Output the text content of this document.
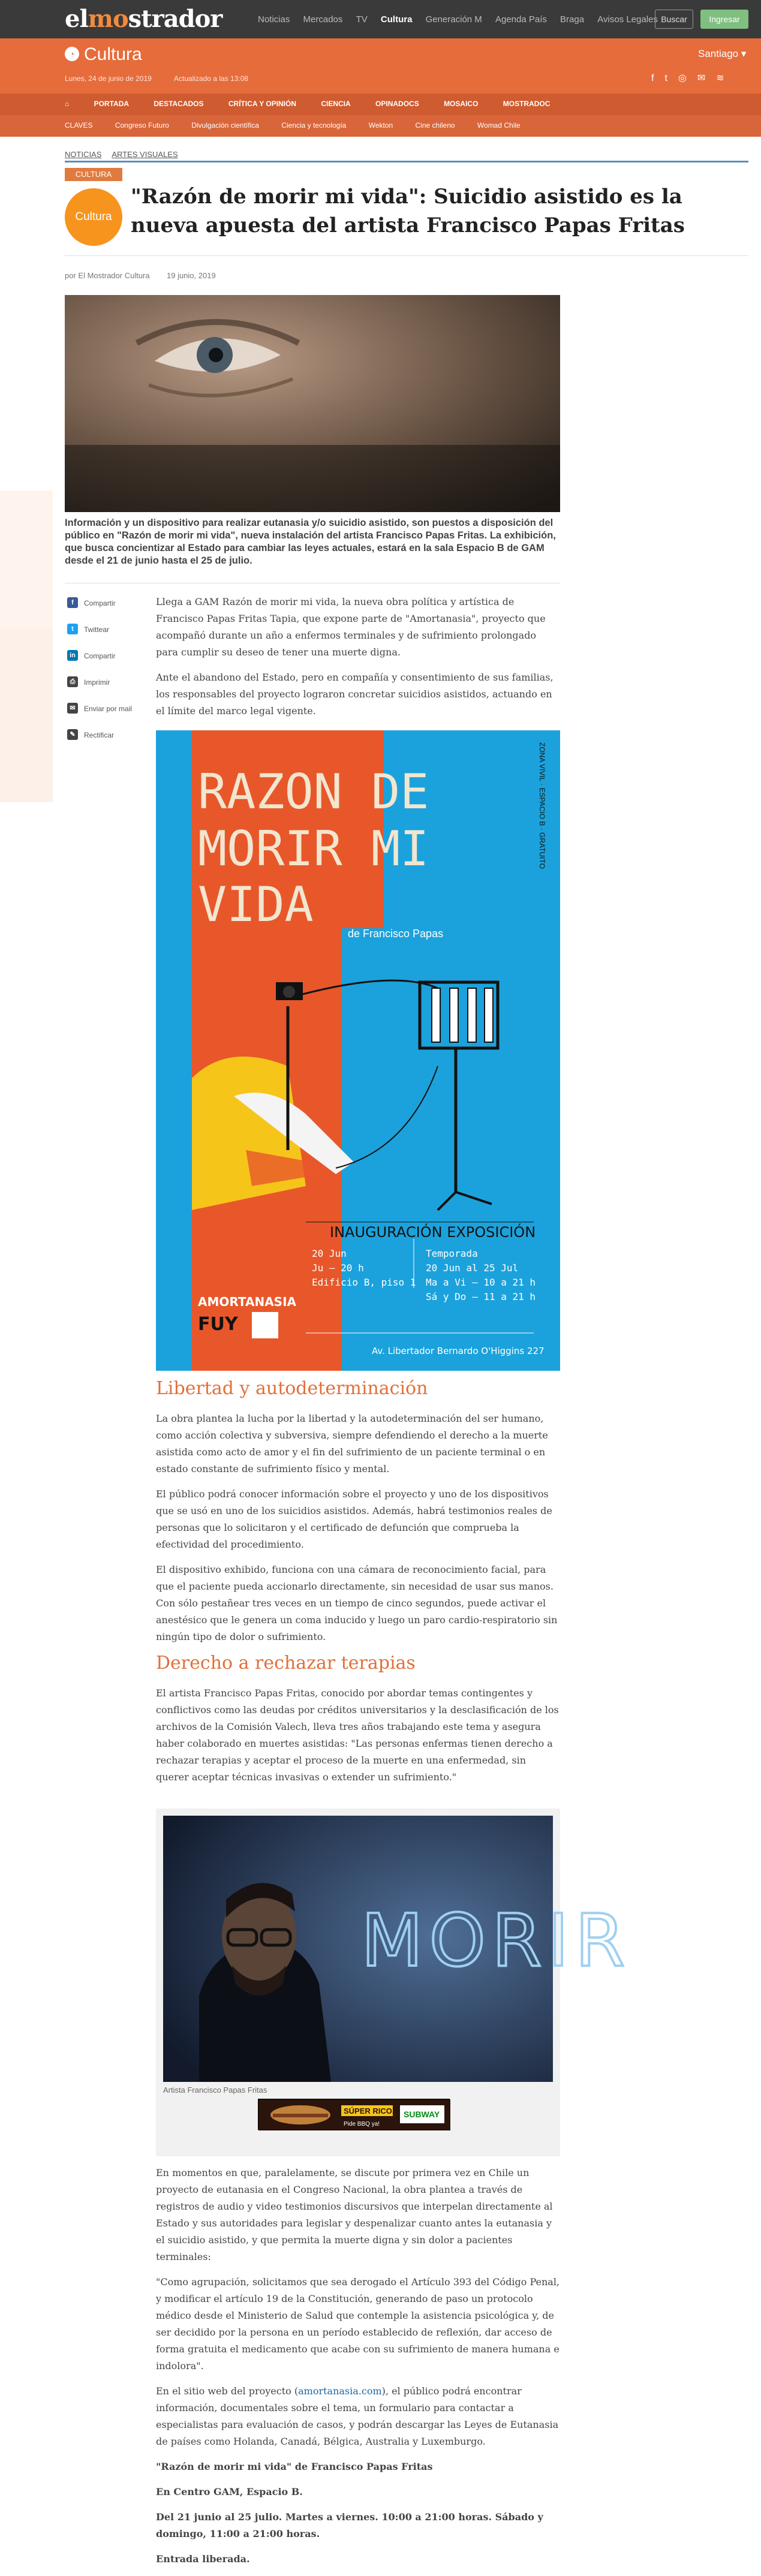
elmostrador	Noticias Mercados TV Cultura Generación M Agenda País Braga Avisos Legales Buscar	Ingresar
◔ Cultura
Lunes, 24 de junio de 2019	Actualizado a las 13:08
Santiago ▾
ft◎✉≋
⌂	PORTADA	DESTACADOS	CRÍTICA Y OPINIÓN	CIENCIA	OPINADOCS	MOSAICO	MOSTRADOC
CLAVES	Congreso Futuro	Divulgación científica	Ciencia y tecnología	Wekton	Cine chileno	Womad Chile
NOTICIAS ARTES VISUALES
CULTURA
Cultura
"Razón de morir mi vida": Suicidio asistido es la nueva apuesta del artista Francisco Papas Fritas
por El Mostrador Cultura 19 junio, 2019
Información y un dispositivo para realizar eutanasia y/o suicidio asistido, son puestos a disposición del público en "Razón de morir mi vida", nueva instalación del artista Francisco Papas Fritas. La exhibición, que busca concientizar al Estado para cambiar las leyes actuales, estará en la sala Espacio B de GAM desde el 21 de junio hasta el 25 de julio.
f	Compartir
t	Twittear
in	Compartir
⎙	Imprimir
✉	Enviar por mail
✎	Rectificar

Llega a GAM Razón de morir mi vida, la nueva obra política y artística de Francisco Papas Fritas Tapia, que expone parte de "Amortanasia", proyecto que acompañó durante un año a enfermos terminales y de sufrimiento prolongado para cumplir su deseo de tener una muerte digna.

Ante el abandono del Estado, pero en compañía y consentimiento de sus familias, los responsables del proyecto lograron concretar suicidios asistidos, actuando en el límite del marco legal vigente.

RAZON DE
MORIR MI
VIDA
de Francisco Papas
ZONA VIVIL · ESPACIO B · GRATUITO
INAUGURACIÓN EXPOSICIÓN
20 Jun
Ju – 20 h
Edificio B, piso 1
Temporada
20 Jun al 25 Jul
Ma a Vi – 10 a 21 h
Sá y Do – 11 a 21 h
AMORTANASIA
FUY
Av. Libertador Bernardo O'Higgins 227
Libertad y autodeterminación

La obra plantea la lucha por la libertad y la autodeterminación del ser humano, como acción colectiva y subversiva, siempre defendiendo el derecho a la muerte asistida como acto de amor y el fin del sufrimiento de un paciente terminal o en estado constante de sufrimiento físico y mental.

El público podrá conocer información sobre el proyecto y uno de los dispositivos que se usó en uno de los suicidios asistidos. Además, habrá testimonios reales de personas que lo solicitaron y el certificado de defunción que comprueba la efectividad del procedimiento.

El dispositivo exhibido, funciona con una cámara de reconocimiento facial, para que el paciente pueda accionarlo directamente, sin necesidad de usar sus manos. Con sólo pestañear tres veces en un tiempo de cinco segundos, puede activar el anestésico que le genera un coma inducido y luego un paro cardio-respiratorio sin ningún tipo de dolor o sufrimiento.

Derecho a rechazar terapias

El artista Francisco Papas Fritas, conocido por abordar temas contingentes y conflictivos como las deudas por créditos universitarios y la desclasificación de los archivos de la Comisión Valech, lleva tres años trabajando este tema y asegura haber colaborado en muertes asistidas: "Las personas enfermas tienen derecho a rechazar terapias y aceptar el proceso de la muerte en una enfermedad, sin querer aceptar técnicas invasivas o extender un sufrimiento."

MORIR
Artista Francisco Papas Fritas
SÚPER RICO.
Pide BBQ ya!
SUBWAY

En momentos en que, paralelamente, se discute por primera vez en Chile un proyecto de eutanasia en el Congreso Nacional, la obra plantea a través de registros de audio y video testimonios discursivos que interpelan directamente al Estado y sus autoridades para legislar y despenalizar cuanto antes la eutanasia y el suicidio asistido, y que permita la muerte digna y sin dolor a pacientes terminales:

"Como agrupación, solicitamos que sea derogado el Artículo 393 del Código Penal, y modificar el artículo 19 de la Constitución, generando de paso un protocolo médico desde el Ministerio de Salud que contemple la asistencia psicológica y, de ser decidido por la persona en un período establecido de reflexión, dar acceso de forma gratuita el medicamento que acabe con su sufrimiento de manera humana e indolora".

En el sitio web del proyecto (amortanasia.com), el público podrá encontrar información, documentales sobre el tema, un formulario para contactar a especialistas para evaluación de casos, y podrán descargar las Leyes de Eutanasia de países como Holanda, Canadá, Bélgica, Australia y Luxemburgo.

"Razón de morir mi vida" de Francisco Papas Fritas

En Centro GAM, Espacio B.

Del 21 junio al 25 julio. Martes a viernes. 10:00 a 21:00 horas. Sábado y domingo, 11:00 a 21:00 horas.

Entrada liberada.
